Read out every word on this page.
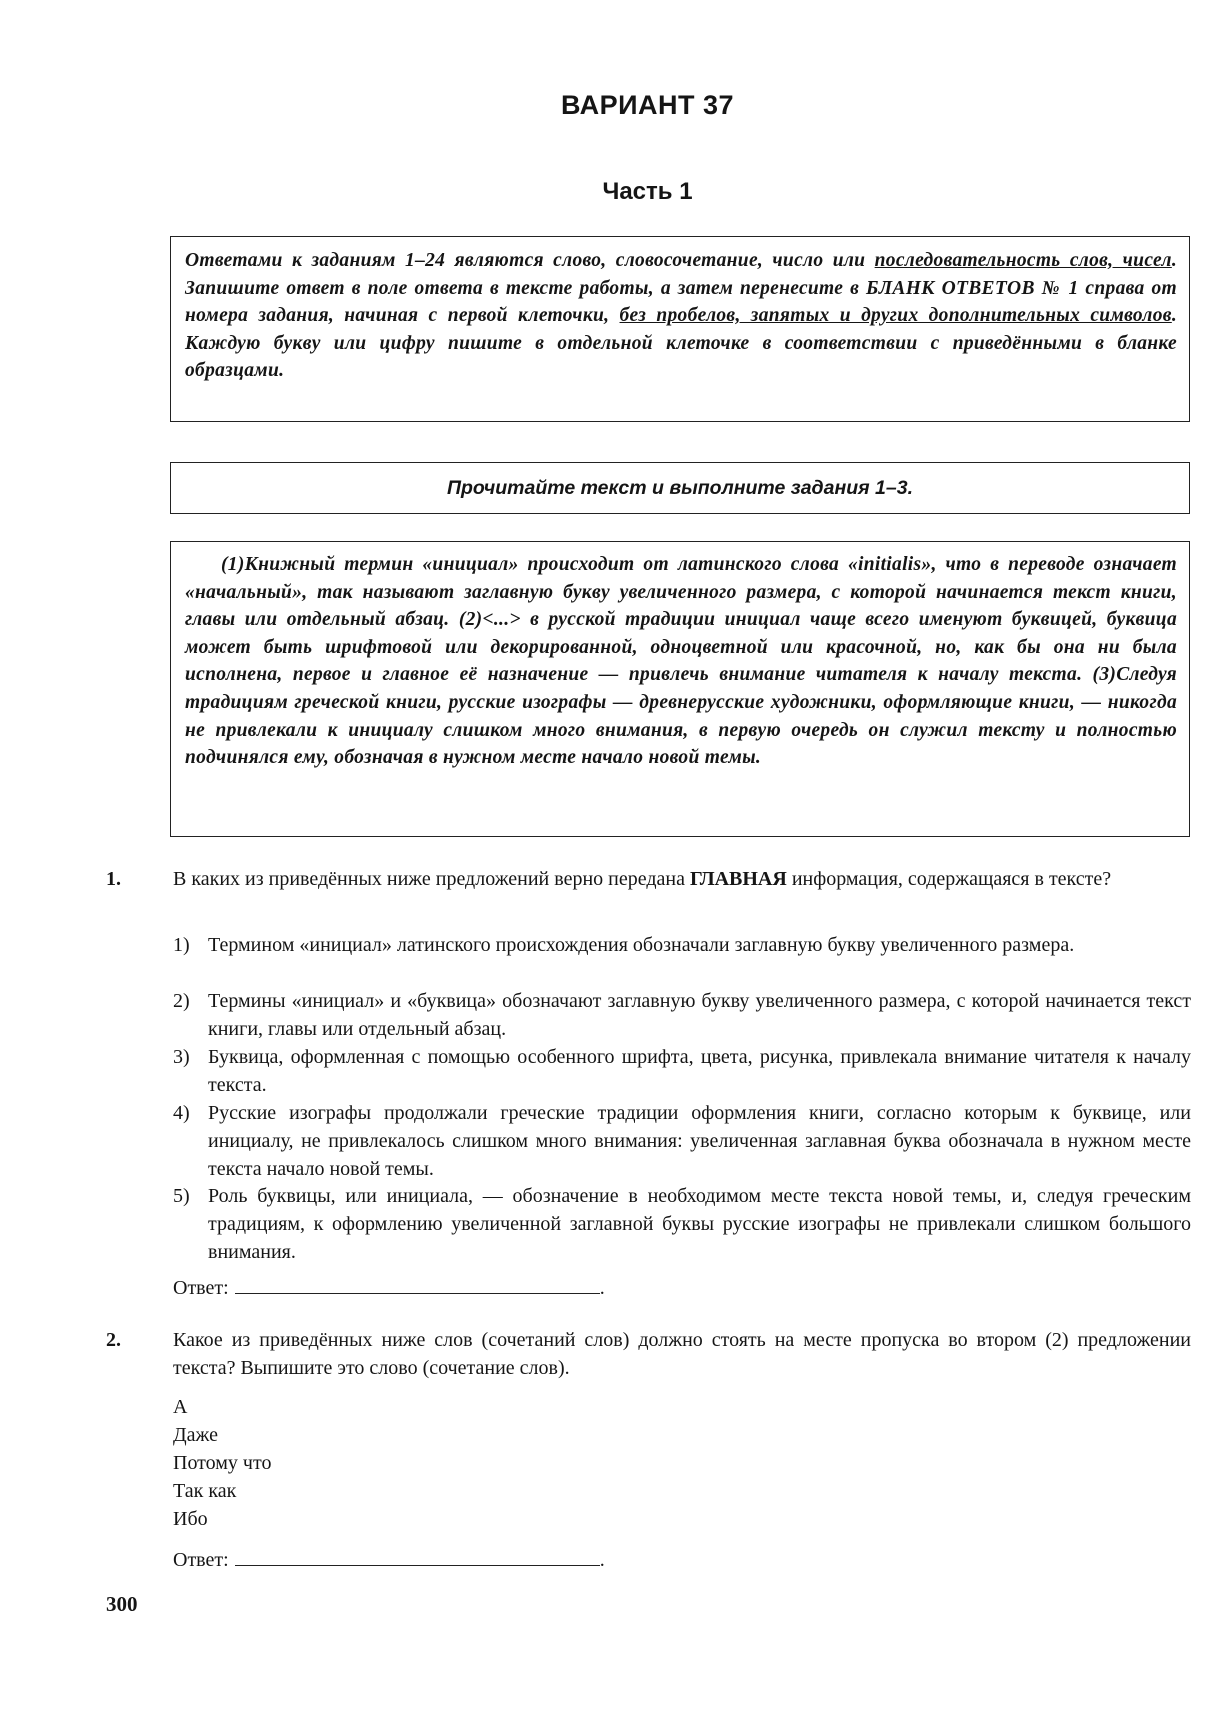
ВАРИАНТ 37
Часть 1
Ответами к заданиям 1–24 являются слово, словосочетание, число или последовательность слов, чисел. Запишите ответ в поле ответа в тексте работы, а затем перенесите в БЛАНК ОТВЕТОВ № 1 справа от номера задания, начиная с первой клеточки, без пробелов, запятых и других дополнительных символов. Каждую букву или цифру пишите в отдельной клеточке в соответствии с приведёнными в бланке образцами.
Прочитайте текст и выполните задания 1–3.
(1)Книжный термин «инициал» происходит от латинского слова «initialis», что в переводе означает «начальный», так называют заглавную букву увеличенного размера, с которой начинается текст книги, главы или отдельный абзац. (2)<...> в русской традиции инициал чаще всего именуют буквицей, буквица может быть шрифтовой или декорированной, одноцветной или красочной, но, как бы она ни была исполнена, первое и главное её назначение — привлечь внимание читателя к началу текста. (3)Следуя традициям греческой книги, русские изографы — древнерусские художники, оформляющие книги, — никогда не привлекали к инициалу слишком много внимания, в первую очередь он служил тексту и полностью подчинялся ему, обозначая в нужном месте начало новой темы.
1.	В каких из приведённых ниже предложений верно передана ГЛАВНАЯ информация, содержащаяся в тексте?
1) Термином «инициал» латинского происхождения обозначали заглавную букву увеличенного размера.
2) Термины «инициал» и «буквица» обозначают заглавную букву увеличенного размера, с которой начинается текст книги, главы или отдельный абзац.
3) Буквица, оформленная с помощью особенного шрифта, цвета, рисунка, привлекала внимание читателя к началу текста.
4) Русские изографы продолжали греческие традиции оформления книги, согласно которым к буквице, или инициалу, не привлекалось слишком много внимания: увеличенная заглавная буква обозначала в нужном месте текста начало новой темы.
5) Роль буквицы, или инициала, — обозначение в необходимом месте текста новой темы, и, следуя греческим традициям, к оформлению увеличенной заглавной буквы русские изографы не привлекали слишком большого внимания.
Ответ:	.
2.	Какое из приведённых ниже слов (сочетаний слов) должно стоять на месте пропуска во втором (2) предложении текста? Выпишите это слово (сочетание слов).
А
Даже
Потому что
Так как
Ибо
Ответ:	.
300
